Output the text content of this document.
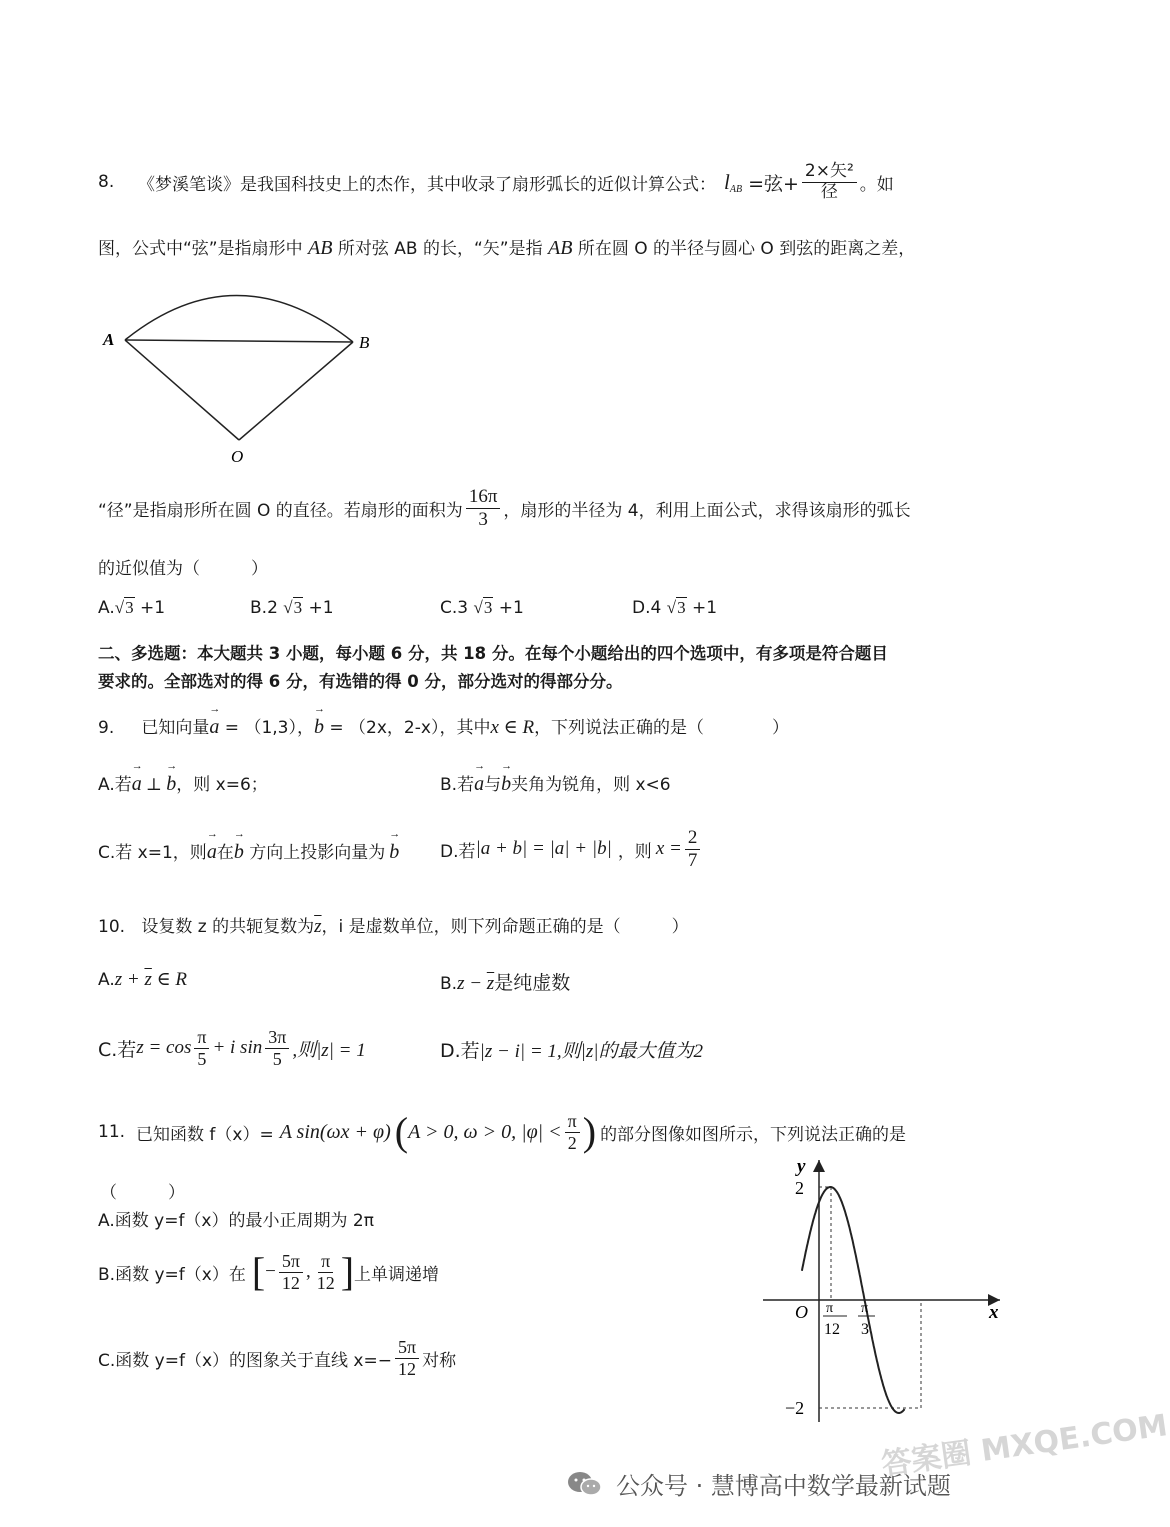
8.	《梦溪笔谈》是我国科技史上的杰作，其中收录了扇形弧长的近似计算公式： l AB =弦+ $\frac{\text{2×矢²}}{\text{径}}$ 。如
图，公式中“弦”是指扇形中 AB 所对弦 AB 的长，“矢”是指 AB 所在圆 O 的半径与圆心 O 到弦的距离之差，
A	B
O
“径”是指扇形所在圆 O 的直径。若扇形的面积为 $\frac{16\pi}{3}$ ，扇形的半径为 4，利用上面公式，求得该扇形的弧长
的近似值为（　　　）
A.√3 +1	B.2 √3 +1	C.3 √3 +1	D.4 √3 +1
二、多选题：本大题共 3 小题，每小题 6 分，共 18 分。在每个小题给出的四个选项中，有多项是符合题目
要求的。全部选对的得 6 分，有选错的得 0 分，部分选对的得部分分。
9. 已知向量→ a = （1,3），→ b = （2x，2-x），其中x ∈ R，下列说法正确的是（　　　　）
A.若→ a ⊥ → b，则 x=6；	B.若→ a与→ b夹角为锐角，则 x<6
C.若 x=1，则→ a在→ b 方向上投影向量为 → b D.若 |a + b| = |a| + |b| ，则 $x = \frac{2}{7}$
10. 设复数 z 的共轭复数为$\overline{z}$，i 是虚数单位，则下列命题正确的是（　　　）
$A.z + \overline{z}$ ∈ R	$B.z - \overline{z}$是纯虚数
C.若 $z = \cos \frac{\pi}{5} + i$ $\sin \frac{3\pi}{5}$ ,则|z| = 1	D.若|z − i| = 1,则|z|的最大值为2
11. 已知函数 f（x）= A sin(ωx + φ) ( A > 0, ω > 0, $|\varphi| < \frac{\pi}{2}$ ) 的部分图像如图所示，下列说法正确的是
（　　　）
A.函数 y=f（x）的最小正周期为 2π
B.函数 y=f（x）在 [ − $\frac{5\pi}{12}$ , $\frac{\pi}{12}$ ] 上单调递增
C.函数 y=f（x）的图象关于直线 $x=- \frac{5\pi}{12}$ 对称
y
x
O
2
−2
π
12
π
3
公众号 · 慧博高中数学最新试题
答案圈 MXQE.COM
